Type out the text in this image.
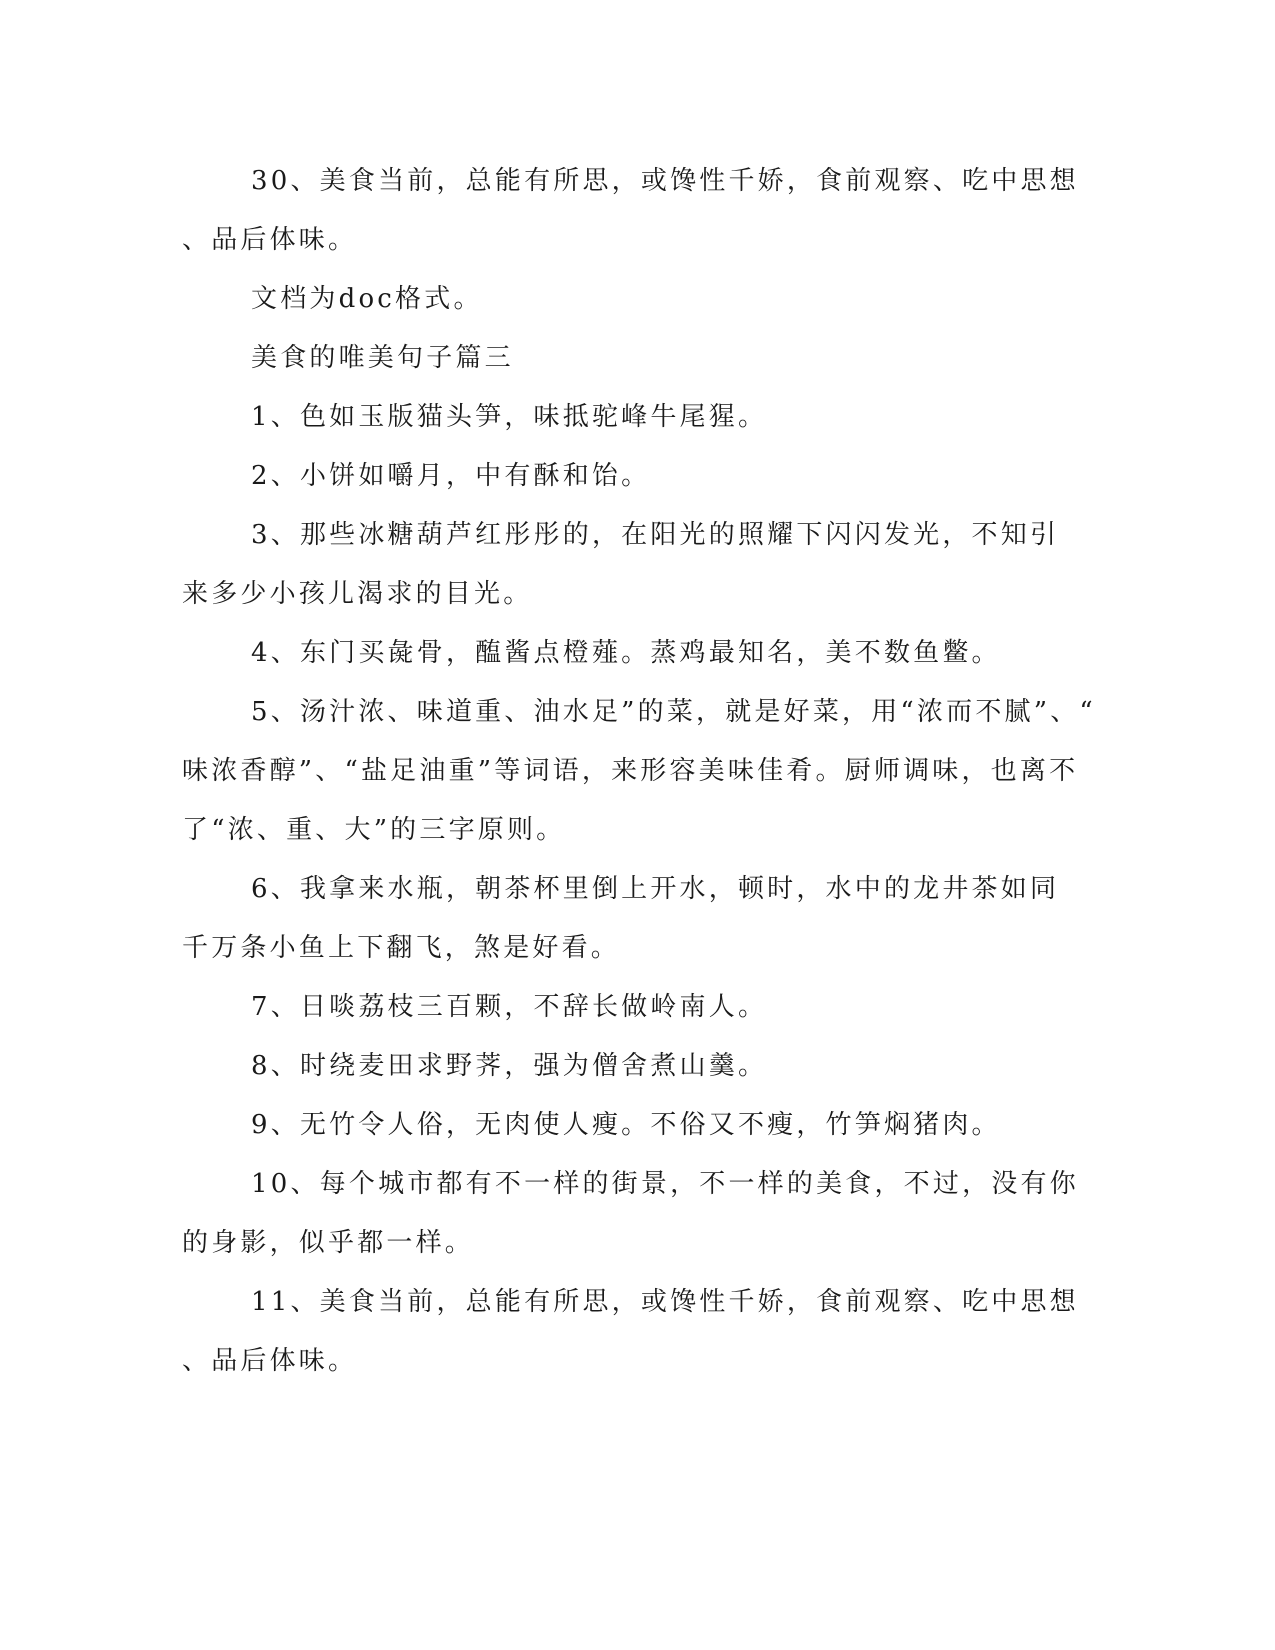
30、美食当前，总能有所思，或馋性千娇，食前观察、吃中思想
、品后体味。
文档为doc格式。
美食的唯美句子篇三
1、色如玉版猫头笋，味抵驼峰牛尾猩。
2、小饼如嚼月，中有酥和饴。
3、那些冰糖葫芦红彤彤的，在阳光的照耀下闪闪发光，不知引
来多少小孩儿渴求的目光。
4、东门买彘骨，醢酱点橙薤。蒸鸡最知名，美不数鱼鳖。
5、汤汁浓、味道重、油水足”的菜，就是好菜，用“浓而不腻”、“
味浓香醇”、“盐足油重”等词语，来形容美味佳肴。厨师调味，也离不
了“浓、重、大”的三字原则。
6、我拿来水瓶，朝茶杯里倒上开水，顿时，水中的龙井茶如同
千万条小鱼上下翻飞，煞是好看。
7、日啖荔枝三百颗，不辞长做岭南人。
8、时绕麦田求野荠，强为僧舍煮山羹。
9、无竹令人俗，无肉使人瘦。不俗又不瘦，竹笋焖猪肉。
10、每个城市都有不一样的街景，不一样的美食，不过，没有你
的身影，似乎都一样。
11、美食当前，总能有所思，或馋性千娇，食前观察、吃中思想
、品后体味。
